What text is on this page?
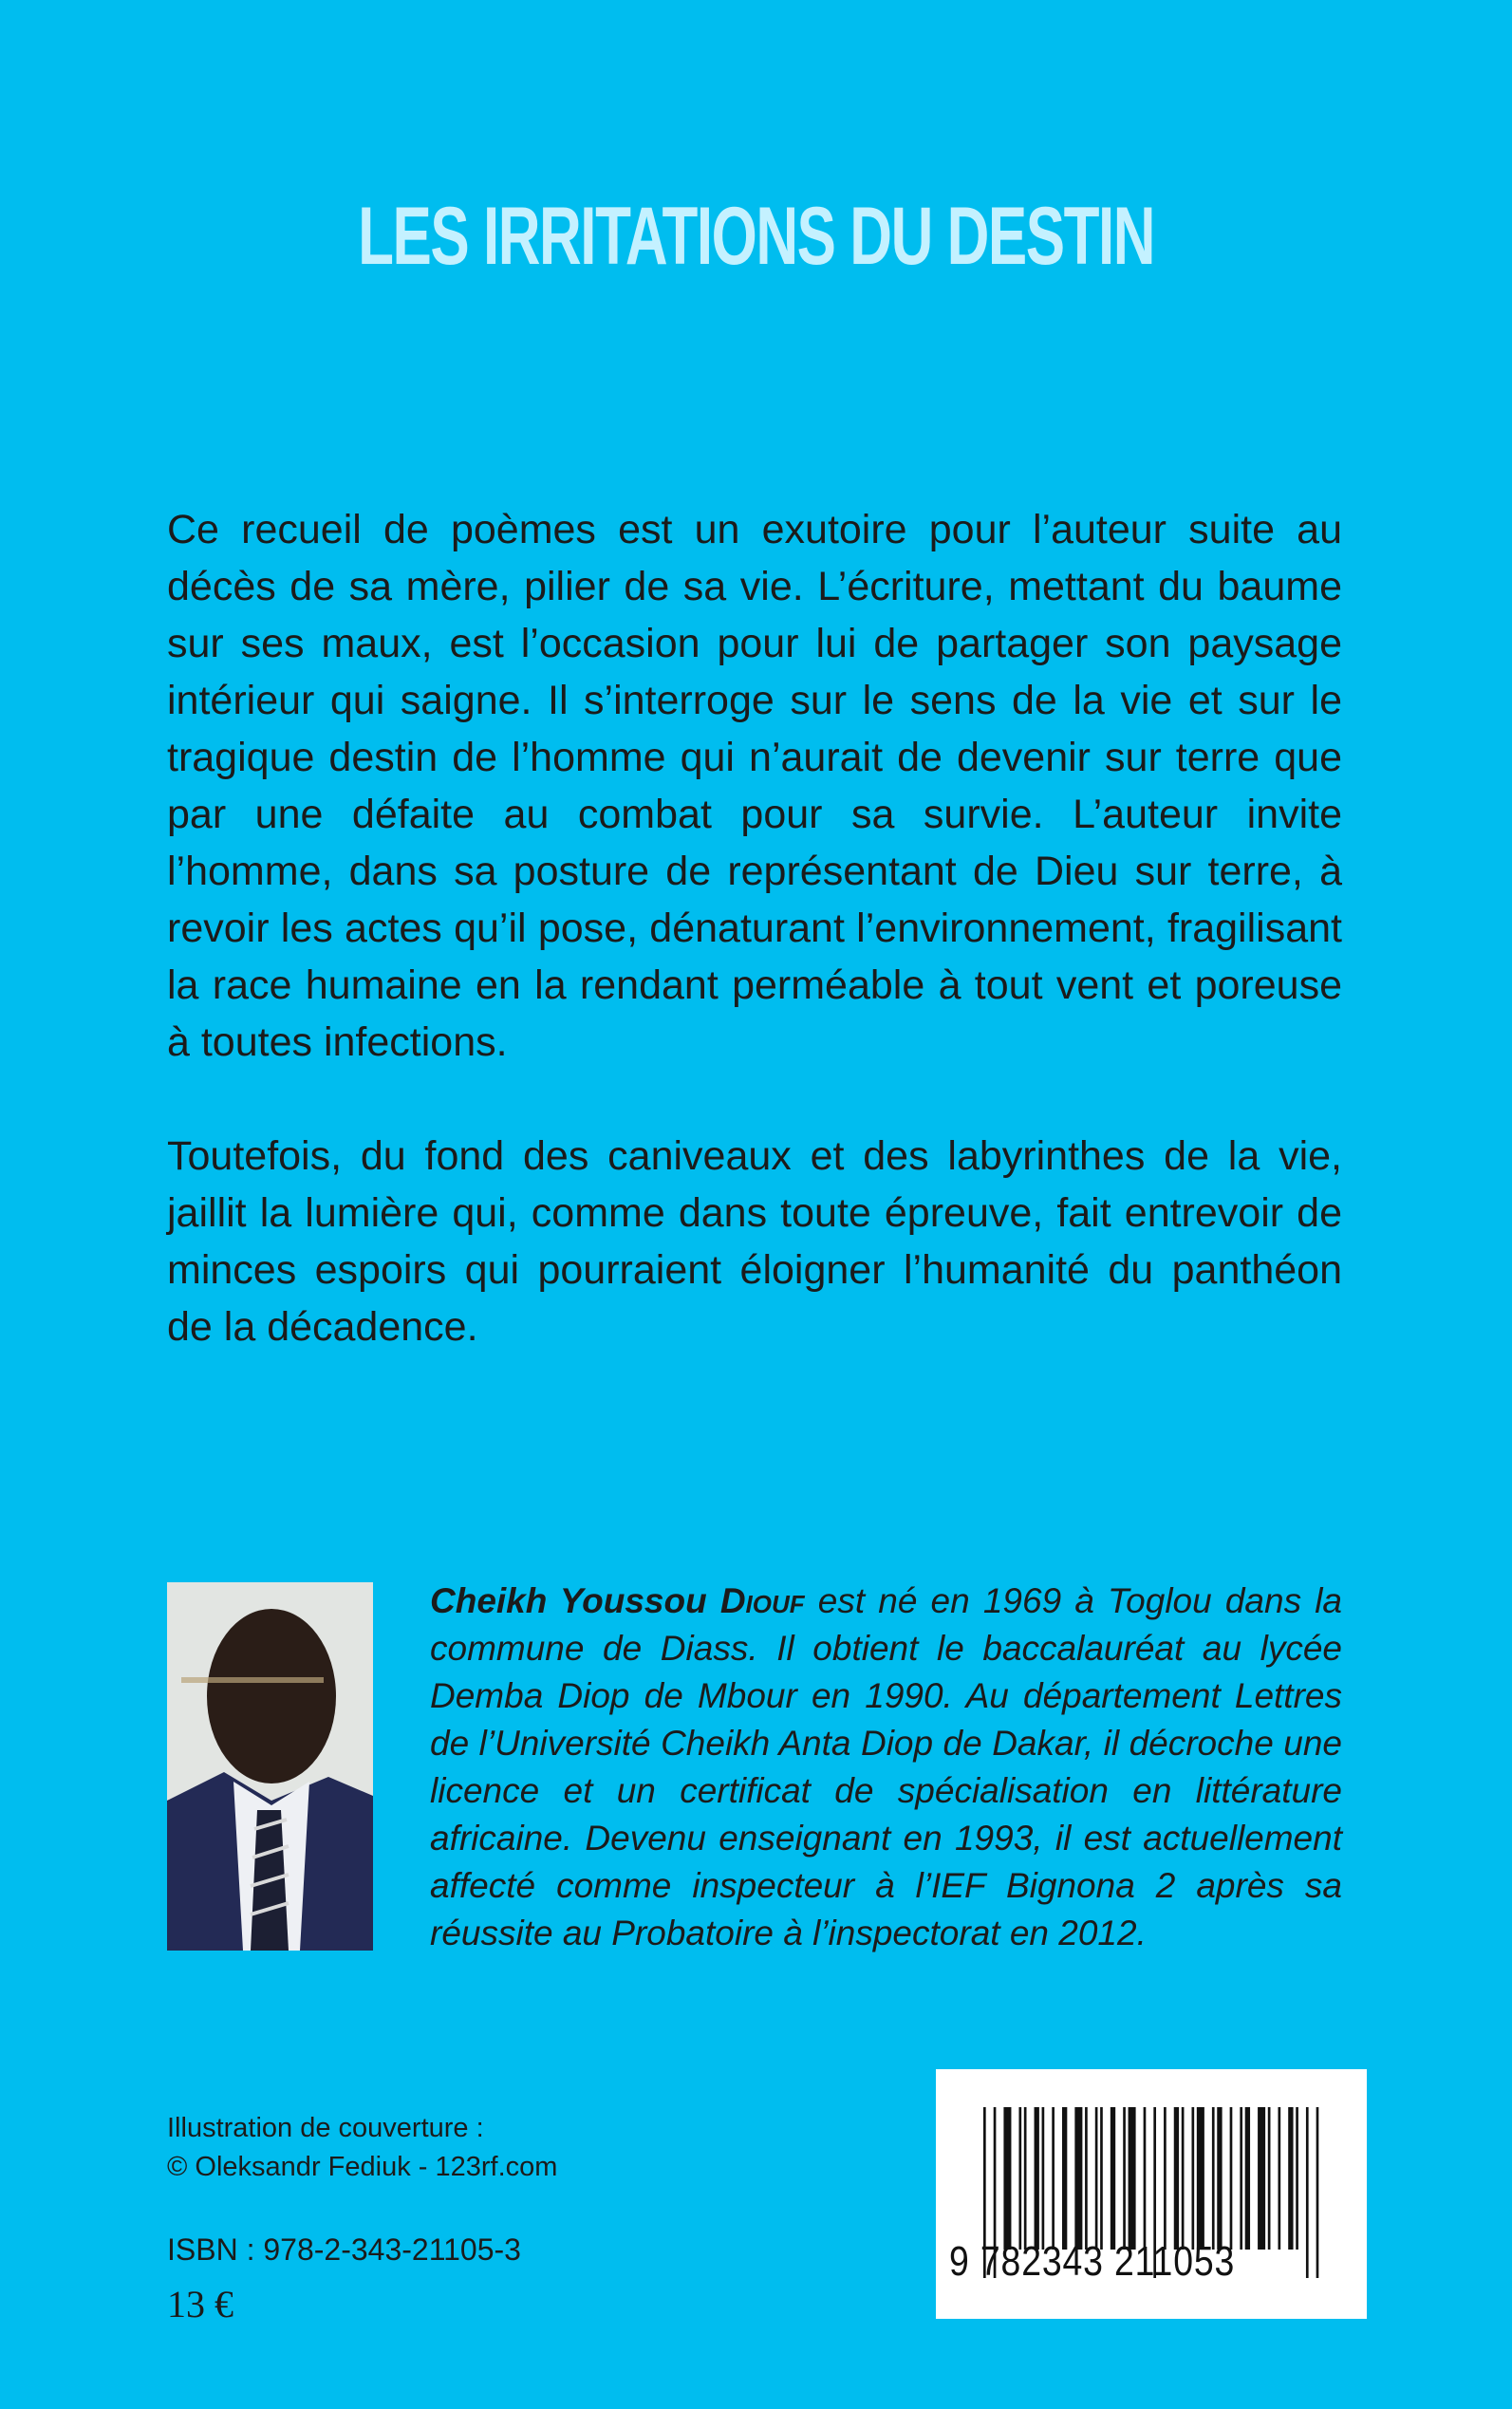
LES IRRITATIONS DU DESTIN
Ce recueil de poèmes est un exutoire pour l’auteur suite au décès de sa mère, pilier de sa vie. L’écriture, mettant du baume sur ses maux, est l’occasion pour lui de partager son paysage intérieur qui saigne. Il s’interroge sur le sens de la vie et sur le tragique destin de l’homme qui n’aurait de devenir sur terre que par une défaite au combat pour sa survie. L’auteur invite l’homme, dans sa posture de représentant de Dieu sur terre, à revoir les actes qu’il pose, dénaturant l’environnement, fragilisant la race humaine en la rendant perméable à tout vent et poreuse à toutes infections.
Toutefois, du fond des caniveaux et des labyrinthes de la vie, jaillit la lumière qui, comme dans toute épreuve, fait entrevoir de minces espoirs qui pourraient éloigner l’humanité du panthéon de la décadence.
Cheikh Youssou Diouf est né en 1969 à Toglou dans la commune de Diass. Il obtient le baccalauréat au lycée Demba Diop de Mbour en 1990. Au département Lettres de l’Université Cheikh Anta Diop de Dakar, il décroche une licence et un certificat de spécialisation en littérature africaine. Devenu enseignant en 1993, il est actuellement affecté comme inspecteur à l’IEF Bignona 2 après sa réussite au Probatoire à l’inspectorat en 2012.
Illustration de couverture :
© Oleksandr Fediuk - 123rf.com
ISBN : 978-2-343-21105-3
13 €
9 782343 211053
